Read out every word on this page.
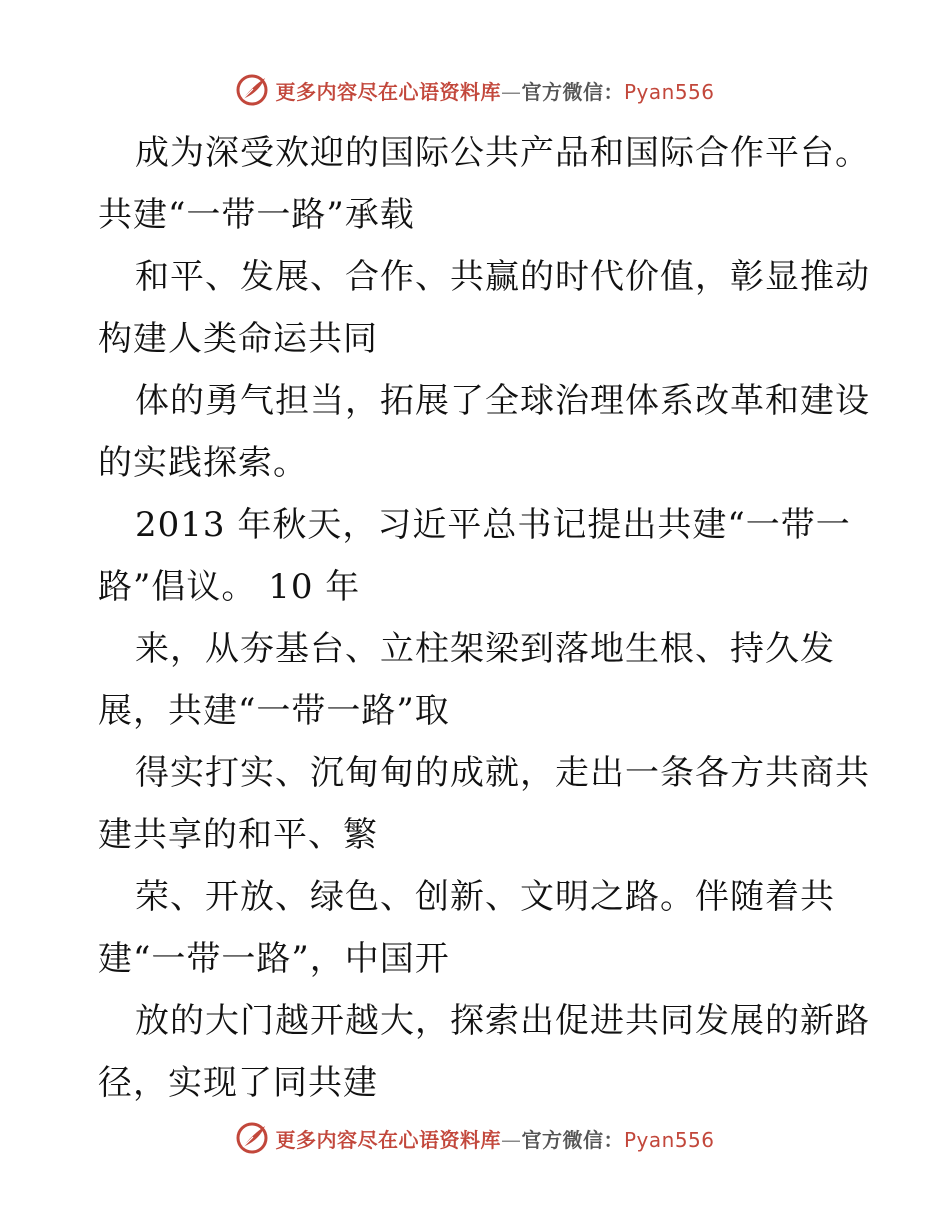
更多内容尽在心语资料库—官方微信：Pyan556
成为深受欢迎的国际公共产品和国际合作平台。
共建“一带一路”承载
和平、发展、合作、共赢的时代价值，彰显推动
构建人类命运共同
体的勇气担当，拓展了全球治理体系改革和建设
的实践探索。
2013 年秋天，习近平总书记提出共建“一带一
路”倡议。 10 年
来，从夯基台、立柱架梁到落地生根、持久发
展，共建“一带一路”取
得实打实、沉甸甸的成就，走出一条各方共商共
建共享的和平、繁
荣、开放、绿色、创新、文明之路。伴随着共
建“一带一路”，中国开
放的大门越开越大，探索出促进共同发展的新路
径，实现了同共建
更多内容尽在心语资料库—官方微信：Pyan556
